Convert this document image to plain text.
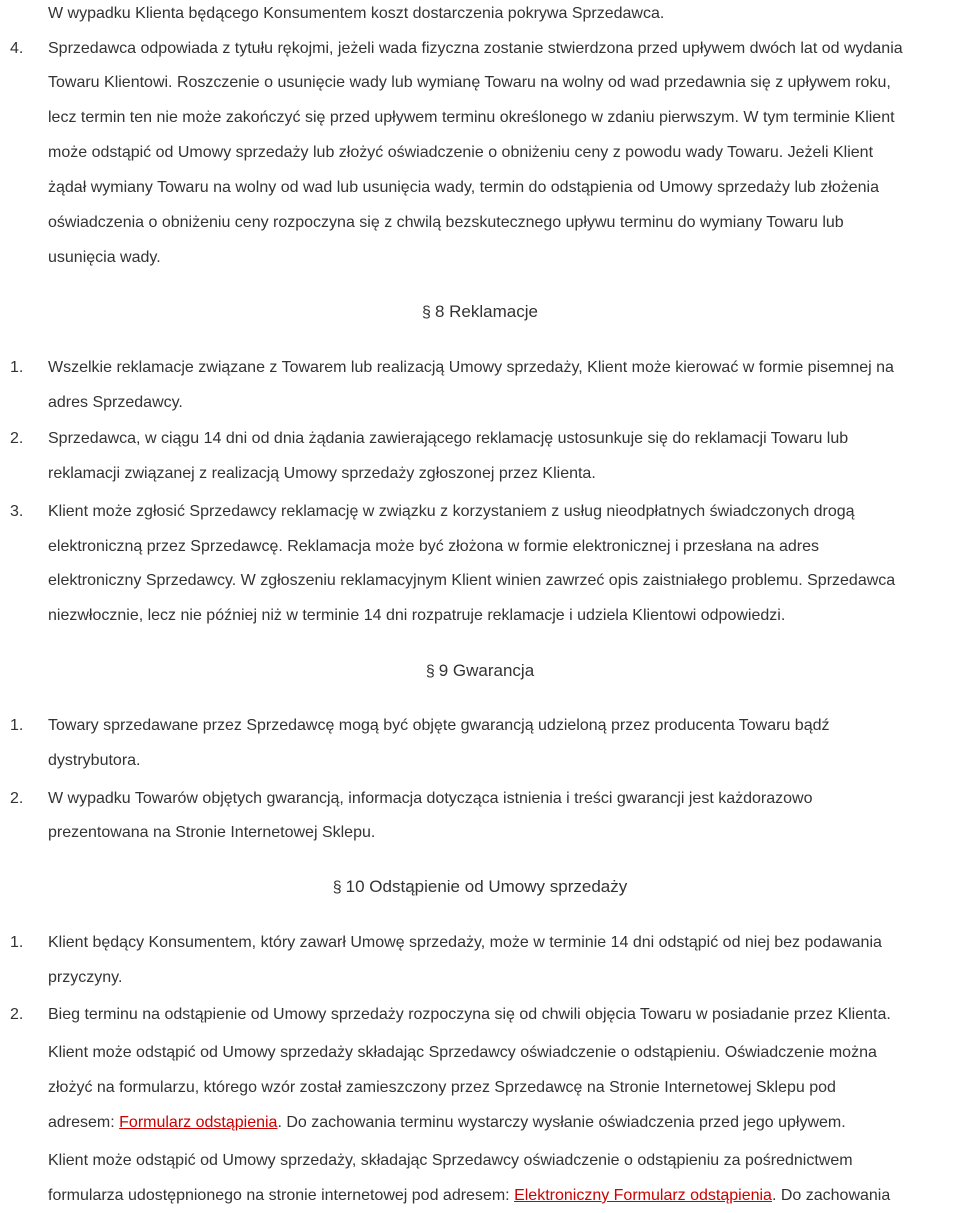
W wypadku Klienta będącego Konsumentem koszt dostarczenia pokrywa Sprzedawca.
4. Sprzedawca odpowiada z tytułu rękojmi, jeżeli wada fizyczna zostanie stwierdzona przed upływem dwóch lat od wydania
Towaru Klientowi. Roszczenie o usunięcie wady lub wymianę Towaru na wolny od wad przedawnia się z upływem roku,
lecz termin ten nie może zakończyć się przed upływem terminu określonego w zdaniu pierwszym. W tym terminie Klient
może odstąpić od Umowy sprzedaży lub złożyć oświadczenie o obniżeniu ceny z powodu wady Towaru. Jeżeli Klient
żądał wymiany Towaru na wolny od wad lub usunięcia wady, termin do odstąpienia od Umowy sprzedaży lub złożenia
oświadczenia o obniżeniu ceny rozpoczyna się z chwilą bezskutecznego upływu terminu do wymiany Towaru lub
usunięcia wady.
§ 8 Reklamacje
1. Wszelkie reklamacje związane z Towarem lub realizacją Umowy sprzedaży, Klient może kierować w formie pisemnej na
adres Sprzedawcy.
2. Sprzedawca, w ciągu 14 dni od dnia żądania zawierającego reklamację ustosunkuje się do reklamacji Towaru lub
reklamacji związanej z realizacją Umowy sprzedaży zgłoszonej przez Klienta.
3. Klient może zgłosić Sprzedawcy reklamację w związku z korzystaniem z usług nieodpłatnych świadczonych drogą
elektroniczną przez Sprzedawcę. Reklamacja może być złożona w formie elektronicznej i przesłana na adres
elektroniczny Sprzedawcy. W zgłoszeniu reklamacyjnym Klient winien zawrzeć opis zaistniałego problemu. Sprzedawca
niezwłocznie, lecz nie później niż w terminie 14 dni rozpatruje reklamacje i udziela Klientowi odpowiedzi.
§ 9 Gwarancja
1. Towary sprzedawane przez Sprzedawcę mogą być objęte gwarancją udzieloną przez producenta Towaru bądź
dystrybutora.
2. W wypadku Towarów objętych gwarancją, informacja dotycząca istnienia i treści gwarancji jest każdorazowo
prezentowana na Stronie Internetowej Sklepu.
§ 10 Odstąpienie od Umowy sprzedaży
1. Klient będący Konsumentem, który zawarł Umowę sprzedaży, może w terminie 14 dni odstąpić od niej bez podawania
przyczyny.
2. Bieg terminu na odstąpienie od Umowy sprzedaży rozpoczyna się od chwili objęcia Towaru w posiadanie przez Klienta.
Klient może odstąpić od Umowy sprzedaży składając Sprzedawcy oświadczenie o odstąpieniu. Oświadczenie można
złożyć na formularzu, którego wzór został zamieszczony przez Sprzedawcę na Stronie Internetowej Sklepu pod
adresem: Formularz odstąpienia. Do zachowania terminu wystarczy wysłanie oświadczenia przed jego upływem.
Klient może odstąpić od Umowy sprzedaży, składając Sprzedawcy oświadczenie o odstąpieniu za pośrednictwem
formularza udostępnionego na stronie internetowej pod adresem: Elektroniczny Formularz odstąpienia. Do zachowania
